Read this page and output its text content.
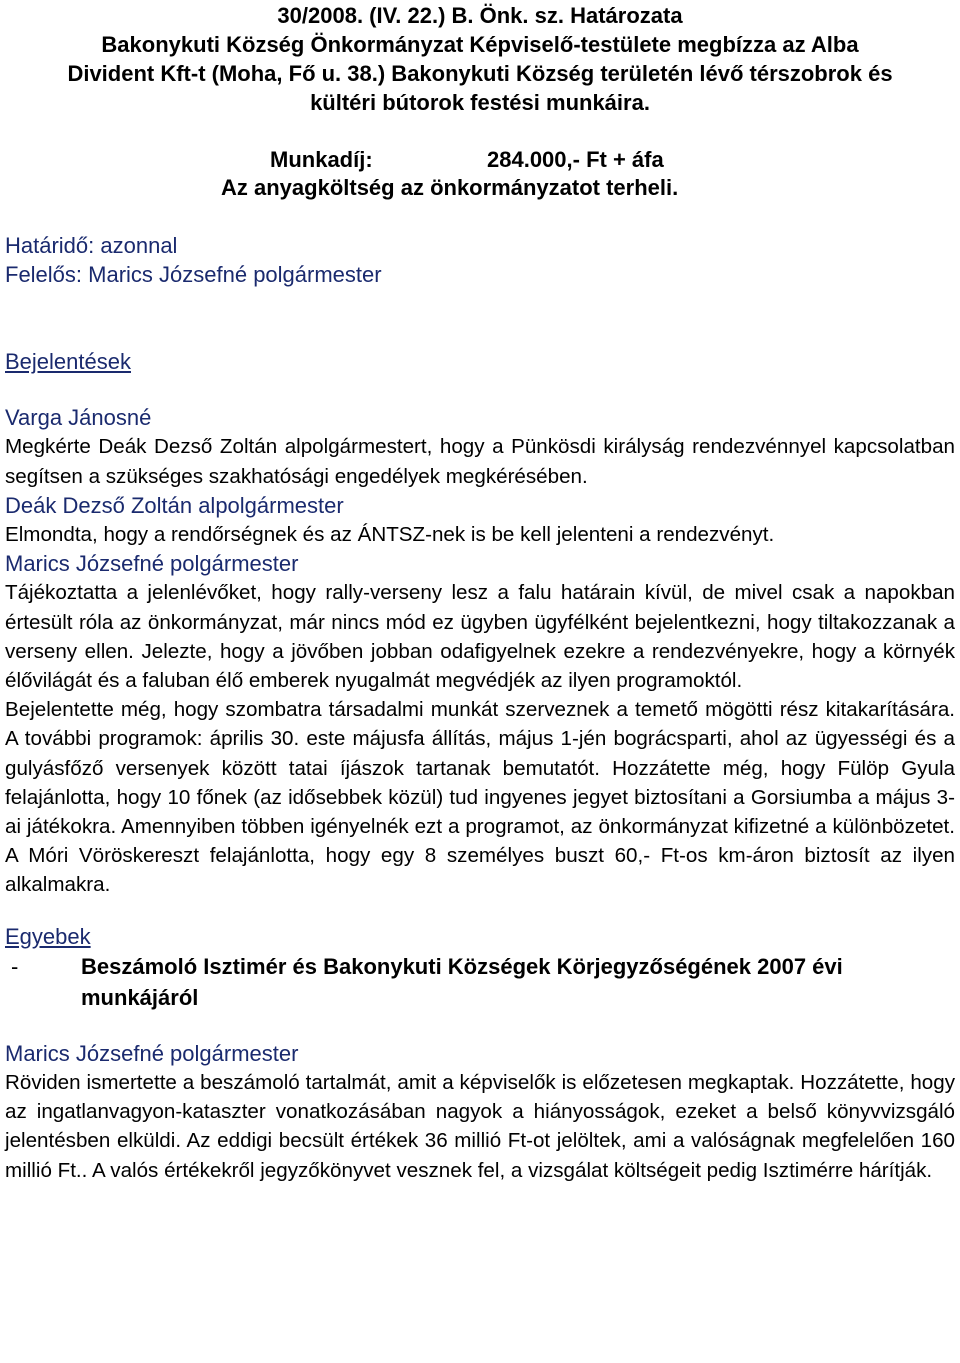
30/2008. (IV. 22.) B. Önk. sz. Határozata
Bakonykuti Község Önkormányzat Képviselő-testülete megbízza az Alba
Divident Kft-t (Moha, Fő u. 38.) Bakonykuti Község területén lévő térszobrok és
kültéri bútorok festési munkáira.
Munkadíj:	284.000,- Ft + áfa
Az anyagköltség az önkormányzatot terheli.
Határidő: azonnal
Felelős: Marics Józsefné polgármester
Bejelentések
Varga Jánosné
Megkérte Deák Dezső Zoltán alpolgármestert, hogy a Pünkösdi királyság rendezvénnyel kapcsolatban segítsen a szükséges szakhatósági engedélyek megkérésében.
Deák Dezső Zoltán alpolgármester
Elmondta, hogy a rendőrségnek és az ÁNTSZ-nek is be kell jelenteni a rendezvényt.
Marics Józsefné polgármester
Tájékoztatta a jelenlévőket, hogy rally-verseny lesz a falu határain kívül, de mivel csak a napokban értesült róla az önkormányzat, már nincs mód ez ügyben ügyfélként bejelentkezni, hogy tiltakozzanak a verseny ellen. Jelezte, hogy a jövőben jobban odafigyelnek ezekre a rendezvényekre, hogy a környék élővilágát és a faluban élő emberek nyugalmát megvédjék az ilyen programoktól.
Bejelentette még, hogy szombatra társadalmi munkát szerveznek a temető mögötti rész kitakarítására. A további programok: április 30. este májusfa állítás, május 1-jén bográcsparti, ahol az ügyességi és a gulyásfőző versenyek között tatai íjászok tartanak bemutatót. Hozzátette még, hogy Fülöp Gyula felajánlotta, hogy 10 főnek (az idősebbek közül) tud ingyenes jegyet biztosítani a Gorsiumba a május 3-ai játékokra. Amennyiben többen igényelnék ezt a programot, az önkormányzat kifizetné a különbözetet. A Móri Vöröskereszt felajánlotta, hogy egy 8 személyes buszt 60,- Ft-os km-áron biztosít az ilyen alkalmakra.
Egyebek
-	Beszámoló Isztimér és Bakonykuti Községek Körjegyzőségének 2007 évi munkájáról
Marics Józsefné polgármester
Röviden ismertette a beszámoló tartalmát, amit a képviselők is előzetesen megkaptak. Hozzátette, hogy az ingatlanvagyon-kataszter vonatkozásában nagyok a hiányosságok, ezeket a belső könyvvizsgáló jelentésben elküldi. Az eddigi becsült értékek 36 millió Ft-ot jelöltek, ami a valóságnak megfelelően 160 millió Ft.. A valós értékekről jegyzőkönyvet vesznek fel, a vizsgálat költségeit pedig Isztimérre hárítják.
